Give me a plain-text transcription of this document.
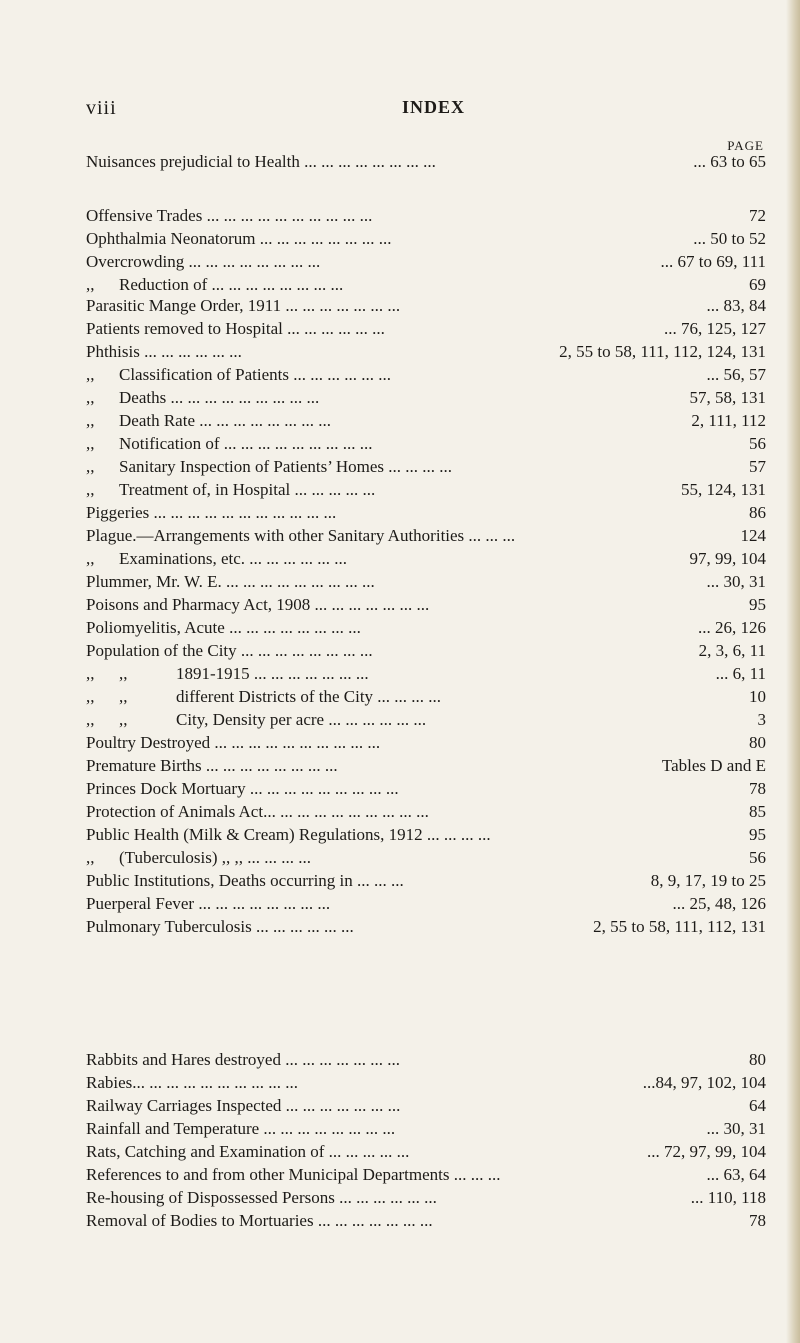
viii	INDEX
PAGE
Nuisances prejudicial to Health ... ... ... ... ... ... ... ...	... 63 to 65
Offensive Trades ... ... ... ... ... ... ... ... ... ...	72
Ophthalmia Neonatorum ... ... ... ... ... ... ... ...	... 50 to 52
Overcrowding ... ... ... ... ... ... ... ...	... 67 to 69, 111
,, Reduction of ... ... ... ... ... ... ... ...	69
Parasitic Mange Order, 1911 ... ... ... ... ... ... ...	... 83, 84
Patients removed to Hospital ... ... ... ... ... ...	... 76, 125, 127
Phthisis ... ... ... ... ... ...	2, 55 to 58, 111, 112, 124, 131
,, Classification of Patients ... ... ... ... ... ...	... 56, 57
,, Deaths ... ... ... ... ... ... ... ... ...	57, 58, 131
,, Death Rate ... ... ... ... ... ... ... ...	2, 111, 112
,, Notification of ... ... ... ... ... ... ... ... ...	56
,, Sanitary Inspection of Patients’ Homes ... ... ... ...	57
,, Treatment of, in Hospital ... ... ... ... ...	55, 124, 131
Piggeries ... ... ... ... ... ... ... ... ... ... ...	86
Plague.—Arrangements with other Sanitary Authorities ... ... ...	124
,, Examinations, etc. ... ... ... ... ... ...	97, 99, 104
Plummer, Mr. W. E. ... ... ... ... ... ... ... ... ...	... 30, 31
Poisons and Pharmacy Act, 1908 ... ... ... ... ... ... ...	95
Poliomyelitis, Acute ... ... ... ... ... ... ... ...	... 26, 126
Population of the City ... ... ... ... ... ... ... ...	2, 3, 6, 11
,, ,,	1891-1915 ... ... ... ... ... ... ...	... 6, 11
,, ,,	different Districts of the City ... ... ... ...	10
,, ,,	City, Density per acre ... ... ... ... ... ...	3
Poultry Destroyed ... ... ... ... ... ... ... ... ... ...	80
Premature Births ... ... ... ... ... ... ... ...	Tables D and E
Princes Dock Mortuary ... ... ... ... ... ... ... ... ...	78
Protection of Animals Act... ... ... ... ... ... ... ... ... ...	85
Public Health (Milk & Cream) Regulations, 1912 ... ... ... ...	95
,, (Tuberculosis) ,, ,, ... ... ... ...	56
Public Institutions, Deaths occurring in ... ... ...	8, 9, 17, 19 to 25
Puerperal Fever ... ... ... ... ... ... ... ...	... 25, 48, 126
Pulmonary Tuberculosis ... ... ... ... ... ...	2, 55 to 58, 111, 112, 131
Rabbits and Hares destroyed ... ... ... ... ... ... ...	80
Rabies... ... ... ... ... ... ... ... ... ...	...84, 97, 102, 104
Railway Carriages Inspected ... ... ... ... ... ... ...	64
Rainfall and Temperature ... ... ... ... ... ... ... ...	... 30, 31
Rats, Catching and Examination of ... ... ... ... ...	... 72, 97, 99, 104
References to and from other Municipal Departments ... ... ...	... 63, 64
Re-housing of Dispossessed Persons ... ... ... ... ... ...	... 110, 118
Removal of Bodies to Mortuaries ... ... ... ... ... ... ...	78
